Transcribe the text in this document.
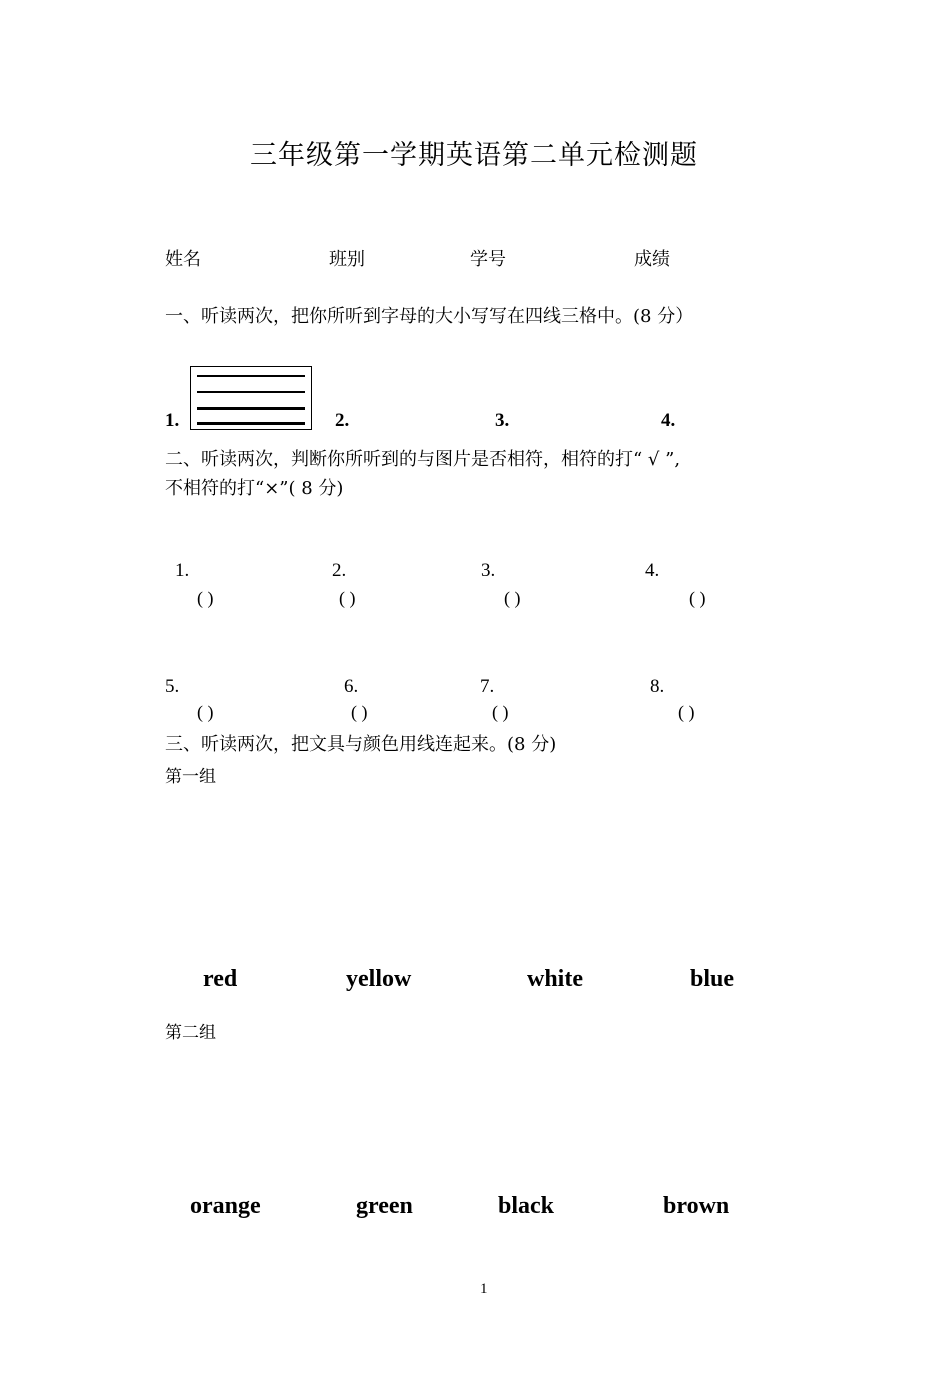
三年级第一学期英语第二单元检测题
姓名	班别	学号	成绩
一、听读两次，把你所听到字母的大小写写在四线三格中。(8 分）
1.	2.	3.	4.
二、听读两次，判断你所听到的与图片是否相符，相符的打“ √ ”,
不相符的打“×”( 8 分)
1.	2.	3.	4.
( )	( )	( )	( )
5.	6.	7.	8.
( )	( )	( )	( )
三、听读两次，把文具与颜色用线连起来。(8 分)
第一组
red	yellow	white	blue
第二组
orange	green	black	brown
1
